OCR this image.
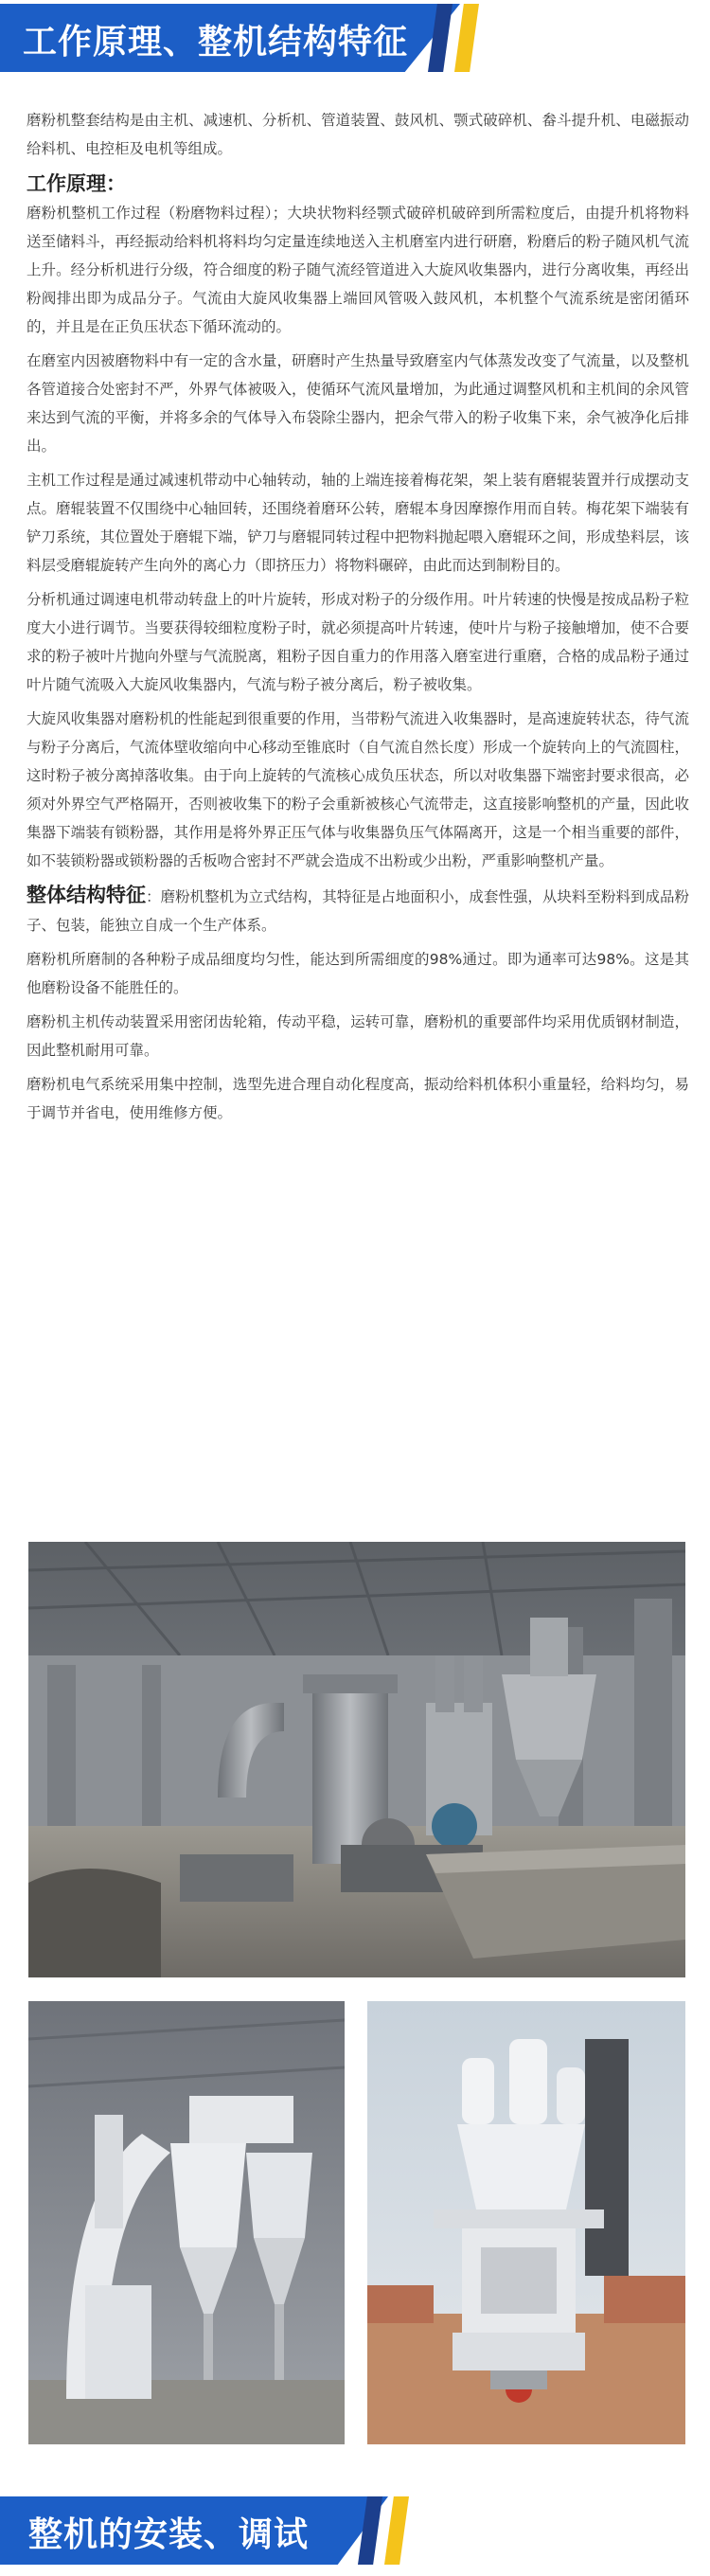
工作原理、整机结构特征

磨粉机整套结构是由主机、减速机、分析机、管道装置、鼓风机、颚式破碎机、畚斗提升机、电磁振动给料机、电控柜及电机等组成。

工作原理：

磨粉机整机工作过程（粉磨物料过程）；大块状物料经颚式破碎机破碎到所需粒度后，由提升机将物料送至储料斗，再经振动给料机将料均匀定量连续地送入主机磨室内进行研磨，粉磨后的粉子随风机气流上升。经分析机进行分级，符合细度的粉子随气流经管道进入大旋风收集器内，进行分离收集，再经出粉阀排出即为成品分子。气流由大旋风收集器上端回风管吸入鼓风机，本机整个气流系统是密闭循环的，并且是在正负压状态下循环流动的。

在磨室内因被磨物料中有一定的含水量，研磨时产生热量导致磨室内气体蒸发改变了气流量，以及整机各管道接合处密封不严，外界气体被吸入，使循环气流风量增加，为此通过调整风机和主机间的余风管来达到气流的平衡，并将多余的气体导入布袋除尘器内，把余气带入的粉子收集下来，余气被净化后排出。

主机工作过程是通过减速机带动中心轴转动，轴的上端连接着梅花架，架上装有磨辊装置并行成摆动支点。磨辊装置不仅围绕中心轴回转，还围绕着磨环公转，磨辊本身因摩擦作用而自转。梅花架下端装有铲刀系统，其位置处于磨辊下端，铲刀与磨辊同转过程中把物料抛起喂入磨辊环之间，形成垫料层，该料层受磨辊旋转产生向外的离心力（即挤压力）将物料碾碎，由此而达到制粉目的。

分析机通过调速电机带动转盘上的叶片旋转，形成对粉子的分级作用。叶片转速的快慢是按成品粉子粒度大小进行调节。当要获得较细粒度粉子时，就必须提高叶片转速，使叶片与粉子接触增加，使不合要求的粉子被叶片抛向外壁与气流脱离，粗粉子因自重力的作用落入磨室进行重磨，合格的成品粉子通过叶片随气流吸入大旋风收集器内，气流与粉子被分离后，粉子被收集。

大旋风收集器对磨粉机的性能起到很重要的作用，当带粉气流进入收集器时，是高速旋转状态，待气流与粉子分离后，气流体壁收缩向中心移动至锥底时（自气流自然长度）形成一个旋转向上的气流圆柱，这时粉子被分离掉落收集。由于向上旋转的气流核心成负压状态，所以对收集器下端密封要求很高，必须对外界空气严格隔开，否则被收集下的粉子会重新被核心气流带走，这直接影响整机的产量，因此收集器下端装有锁粉器，其作用是将外界正压气体与收集器负压气体隔离开，这是一个相当重要的部件，如不装锁粉器或锁粉器的舌板吻合密封不严就会造成不出粉或少出粉，严重影响整机产量。

整体结构特征：磨粉机整机为立式结构，其特征是占地面积小，成套性强，从块料至粉料到成品粉子、包装，能独立自成一个生产体系。

磨粉机所磨制的各种粉子成品细度均匀性，能达到所需细度的98%通过。即为通率可达98%。这是其他磨粉设备不能胜任的。

磨粉机主机传动装置采用密闭齿轮箱，传动平稳，运转可靠，磨粉机的重要部件均采用优质钢材制造，因此整机耐用可靠。

磨粉机电气系统采用集中控制，选型先进合理自动化程度高，振动给料机体积小重量轻，给料均匀，易于调节并省电，使用维修方便。

整机的安装、调试
